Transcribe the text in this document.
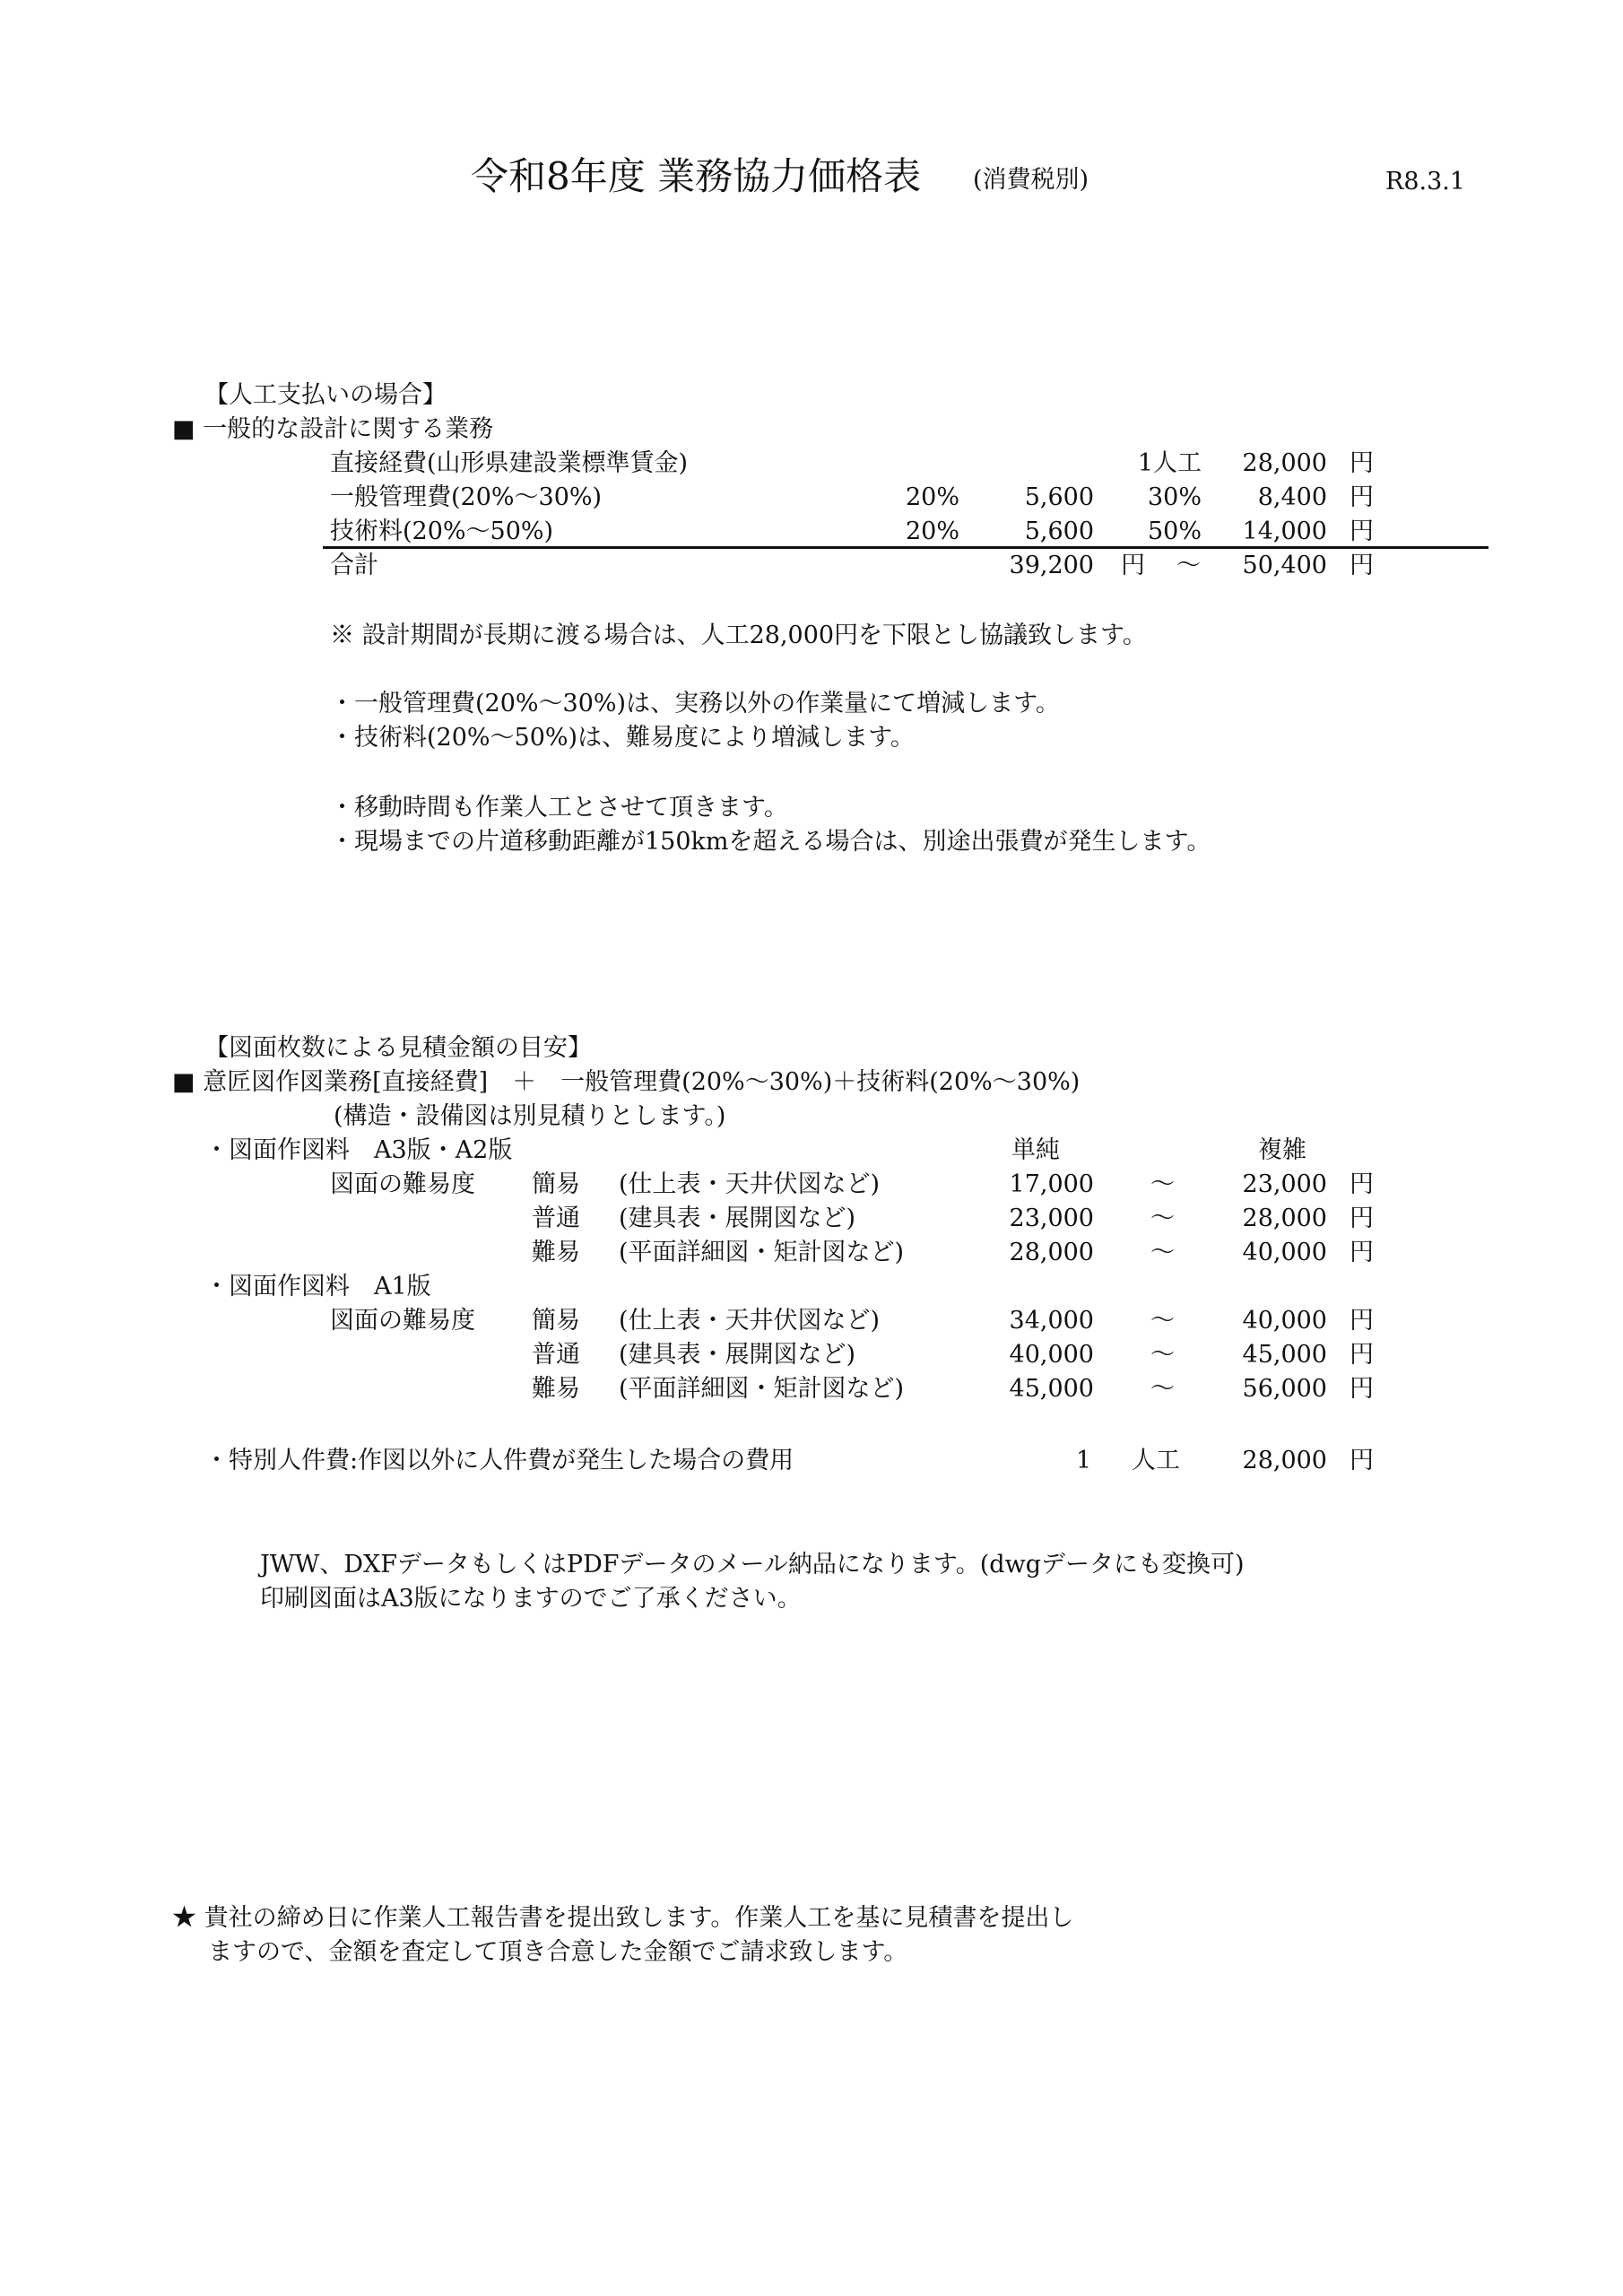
令和8年度 業務協力価格表 (消費税別)	R8.3.1
【人工支払いの場合】
■ 一般的な設計に関する業務
直接経費(山形県建設業標準賃金)	1人工	28,000 円
一般管理費(20%〜30%)	20%	5,600	30%	8,400 円
技術料(20%〜50%)	20%	5,600	50%	14,000 円
合計	39,200 円 〜	50,400 円
※ 設計期間が長期に渡る場合は、人工28,000円を下限とし協議致します。
・一般管理費(20%〜30%)は、実務以外の作業量にて増減します。
・技術料(20%〜50%)は、難易度により増減します。
・移動時間も作業人工とさせて頂きます。
・現場までの片道移動距離が150kmを超える場合は、別途出張費が発生します。
【図面枚数による見積金額の目安】
■ 意匠図作図業務[直接経費]　＋　一般管理費(20%〜30%)＋技術料(20%〜30%)
(構造・設備図は別見積りとします。)
単純	複雑
・図面作図料　A3版・A2版
図面の難易度 簡易 (仕上表・天井伏図など)	17,000 〜	23,000 円
普通 (建具表・展開図など)	23,000 〜	28,000 円
難易 (平面詳細図・矩計図など)	28,000 〜	40,000 円
・図面作図料　A1版
図面の難易度 簡易 (仕上表・天井伏図など)	34,000 〜	40,000 円
普通 (建具表・展開図など)	40,000 〜	45,000 円
難易 (平面詳細図・矩計図など)	45,000 〜	56,000 円
・特別人件費:作図以外に人件費が発生した場合の費用	1 人工	28,000 円
JWW、DXFデータもしくはPDFデータのメール納品になります。(dwgデータにも変換可)
印刷図面はA3版になりますのでご了承ください。
★ 貴社の締め日に作業人工報告書を提出致します。作業人工を基に見積書を提出し
ますので、金額を査定して頂き合意した金額でご請求致します。
